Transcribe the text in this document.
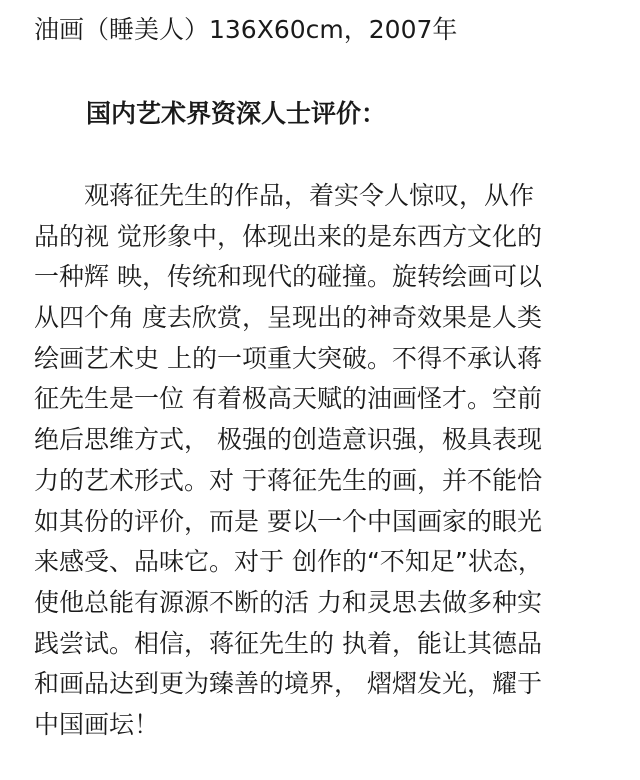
油画（睡美人）136X60cm，2007年
国内艺术界资深人士评价：
观蒋征先生的作品，着实令人惊叹，从作
品的视 觉形象中，体现出来的是东西方文化的
一种辉 映，传统和现代的碰撞。旋转绘画可以
从四个角 度去欣赏，呈现出的神奇效果是人类
绘画艺术史 上的一项重大突破。不得不承认蒋
征先生是一位 有着极高天赋的油画怪才。空前
绝后思维方式， 极强的创造意识强，极具表现
力的艺术形式。对 于蒋征先生的画，并不能恰
如其份的评价，而是 要以一个中国画家的眼光
来感受、品味它。对于 创作的“不知足”状态，
使他总能有源源不断的活 力和灵思去做多种实
践尝试。相信，蒋征先生的 执着，能让其德品
和画品达到更为臻善的境界， 熠熠发光，耀于
中国画坛！
